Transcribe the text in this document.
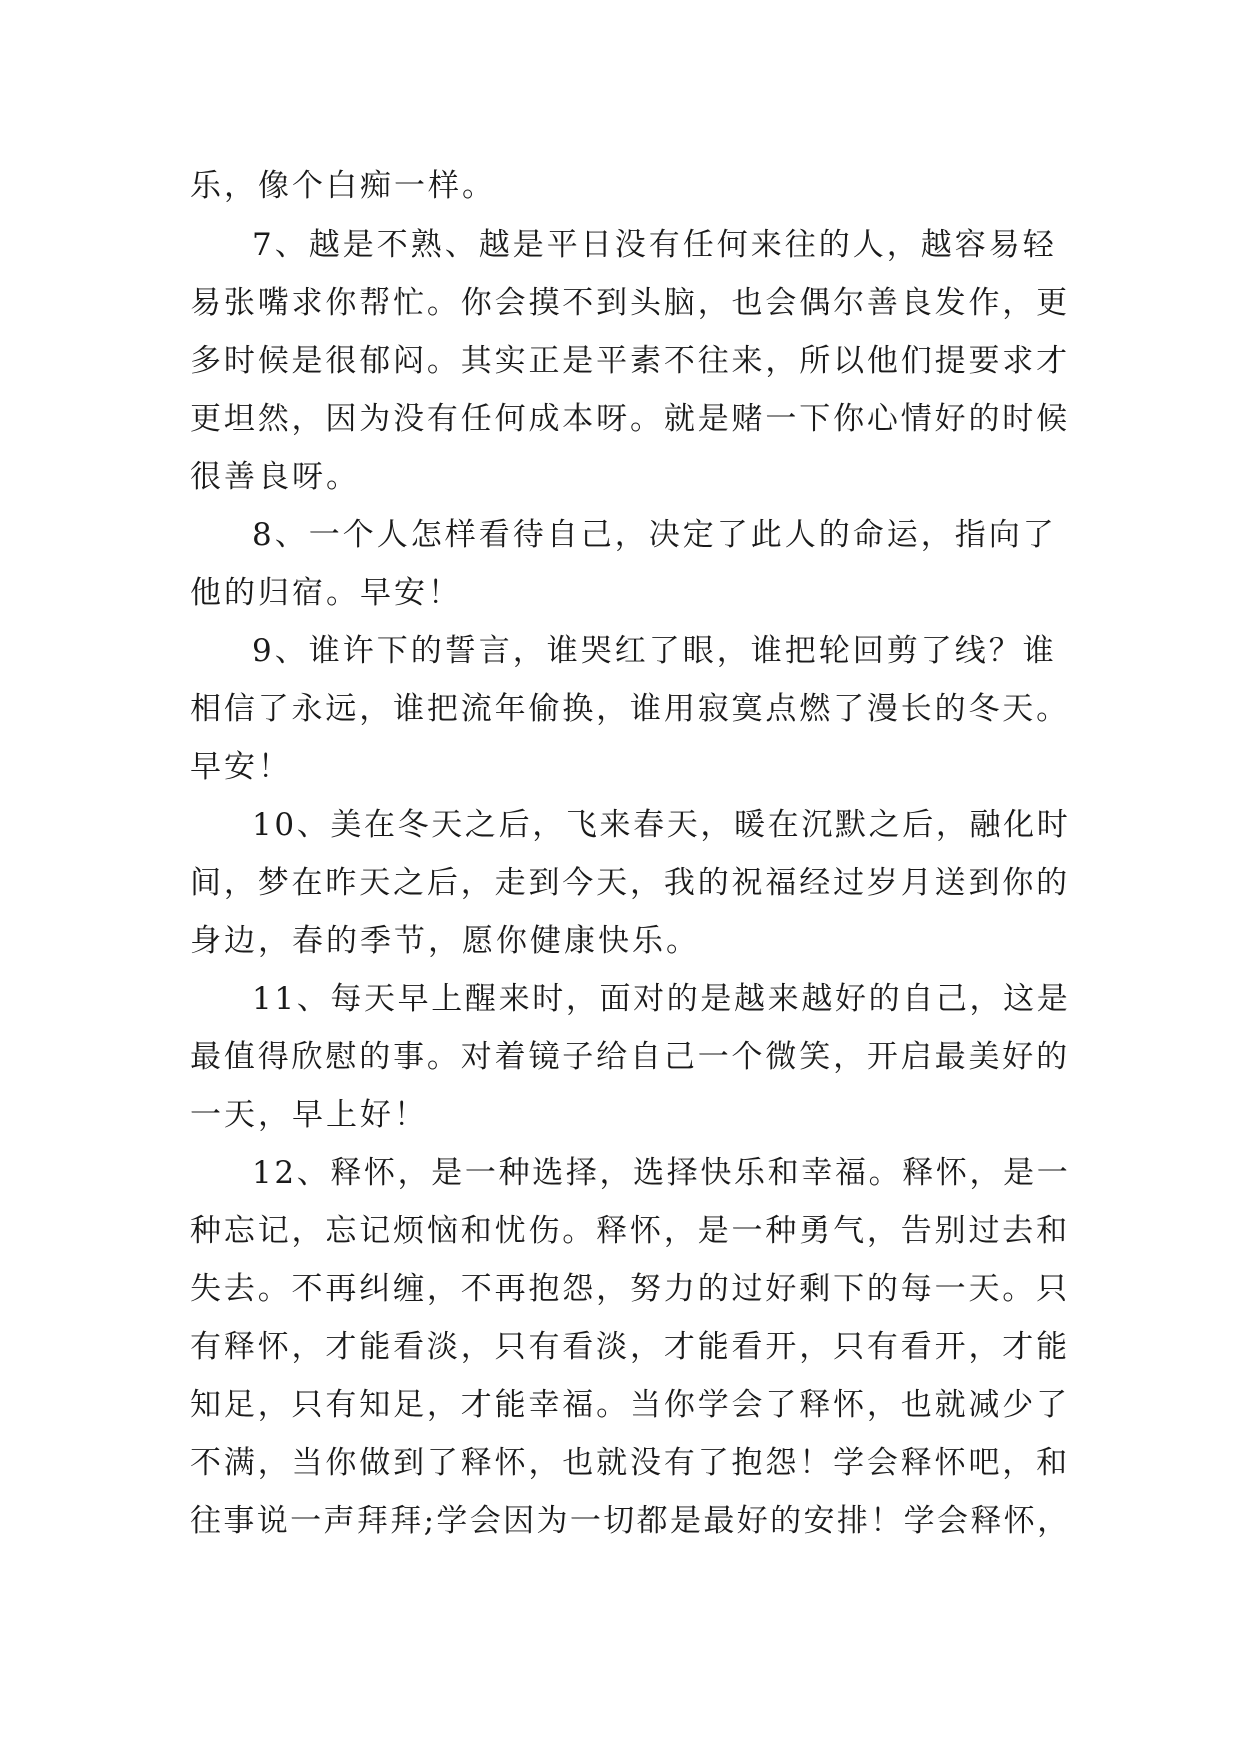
乐，像个白痴一样。
7、越是不熟、越是平日没有任何来往的人，越容易轻
易张嘴求你帮忙。你会摸不到头脑，也会偶尔善良发作，更
多时候是很郁闷。其实正是平素不往来，所以他们提要求才
更坦然，因为没有任何成本呀。就是赌一下你心情好的时候
很善良呀。
8、一个人怎样看待自己，决定了此人的命运，指向了
他的归宿。早安！
9、谁许下的誓言，谁哭红了眼，谁把轮回剪了线？谁
相信了永远，谁把流年偷换，谁用寂寞点燃了漫长的冬天。
早安！
10、美在冬天之后，飞来春天，暖在沉默之后，融化时
间，梦在昨天之后，走到今天，我的祝福经过岁月送到你的
身边，春的季节，愿你健康快乐。
11、每天早上醒来时，面对的是越来越好的自己，这是
最值得欣慰的事。对着镜子给自己一个微笑，开启最美好的
一天，早上好！
12、释怀，是一种选择，选择快乐和幸福。释怀，是一
种忘记，忘记烦恼和忧伤。释怀，是一种勇气，告别过去和
失去。不再纠缠，不再抱怨，努力的过好剩下的每一天。只
有释怀，才能看淡，只有看淡，才能看开，只有看开，才能
知足，只有知足，才能幸福。当你学会了释怀，也就减少了
不满，当你做到了释怀，也就没有了抱怨！学会释怀吧，和
往事说一声拜拜;学会因为一切都是最好的安排！学会释怀，
